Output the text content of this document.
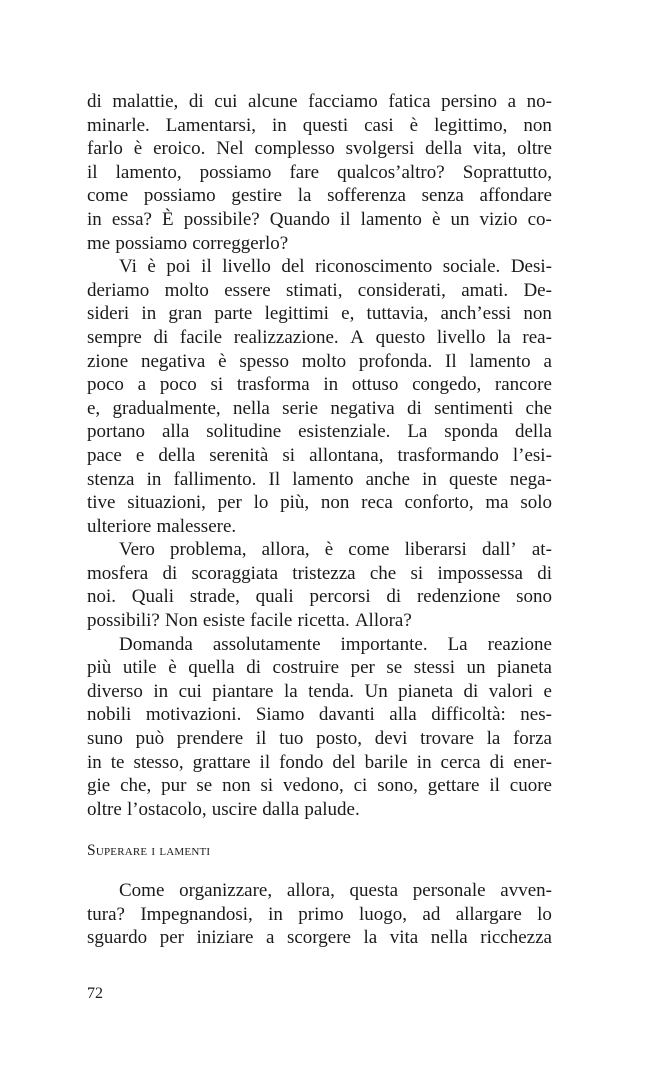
di malattie, di cui alcune facciamo fatica persino a no-
minarle. Lamentarsi, in questi casi è legittimo, non
farlo è eroico. Nel complesso svolgersi della vita, oltre
il lamento, possiamo fare qualcos’altro? Soprattutto,
come possiamo gestire la sofferenza senza affondare
in essa? È possibile? Quando il lamento è un vizio co-
me possiamo correggerlo?
Vi è poi il livello del riconoscimento sociale. Desi-
deriamo molto essere stimati, considerati, amati. De-
sideri in gran parte legittimi e, tuttavia, anch’essi non
sempre di facile realizzazione. A questo livello la rea-
zione negativa è spesso molto profonda. Il lamento a
poco a poco si trasforma in ottuso congedo, rancore
e, gradualmente, nella serie negativa di sentimenti che
portano alla solitudine esistenziale. La sponda della
pace e della serenità si allontana, trasformando l’esi-
stenza in fallimento. Il lamento anche in queste nega-
tive situazioni, per lo più, non reca conforto, ma solo
ulteriore malessere.
Vero problema, allora, è come liberarsi dall’ at-
mosfera di scoraggiata tristezza che si impossessa di
noi. Quali strade, quali percorsi di redenzione sono
possibili? Non esiste facile ricetta. Allora?
Domanda assolutamente importante. La reazione
più utile è quella di costruire per se stessi un pianeta
diverso in cui piantare la tenda. Un pianeta di valori e
nobili motivazioni. Siamo davanti alla difficoltà: nes-
suno può prendere il tuo posto, devi trovare la forza
in te stesso, grattare il fondo del barile in cerca di ener-
gie che, pur se non si vedono, ci sono, gettare il cuore
oltre l’ostacolo, uscire dalla palude.
Superare i lamenti
Come organizzare, allora, questa personale avven-
tura? Impegnandosi, in primo luogo, ad allargare lo
sguardo per iniziare a scorgere la vita nella ricchezza
72
